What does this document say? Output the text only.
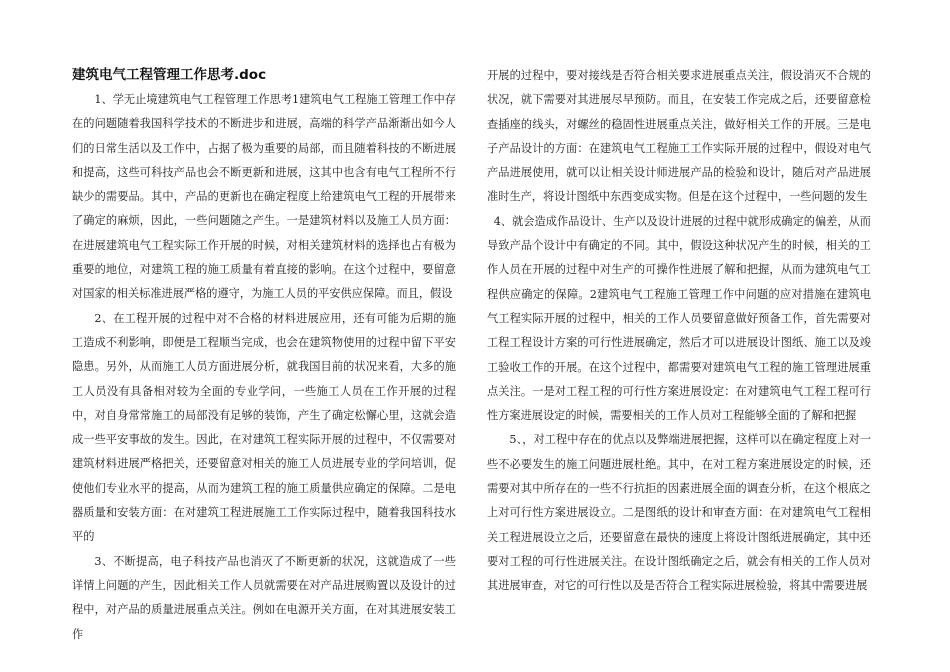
建筑电气工程管理工作思考.doc

1、学无止境建筑电气工程管理工作思考1建筑电气工程施工管理工作中存在的问题随着我国科学技术的不断进步和进展，高端的科学产品渐渐出如今人们的日常生活以及工作中，占据了极为重要的局部，而且随着科技的不断进展和提高，这些可科技产品也会不断更新和进展，这其中也含有电气工程所不行缺少的需要品。其中，产品的更新也在确定程度上给建筑电气工程的开展带来了确定的麻烦，因此，一些问题随之产生。一是建筑材料以及施工人员方面：在进展建筑电气工程实际工作开展的时候，对相关建筑材料的选择也占有极为重要的地位，对建筑工程的施工质量有着直接的影响。在这个过程中，要留意对国家的相关标准进展严格的遵守，为施工人员的平安供应保障。而且，假设

2、在工程开展的过程中对不合格的材料进展应用，还有可能为后期的施工造成不利影响，即便是工程顺当完成，也会在建筑物使用的过程中留下平安隐患。另外，从而施工人员方面进展分析，就我国目前的状况来看，大多的施工人员没有具备相对较为全面的专业学问，一些施工人员在工作开展的过程中，对自身常常施工的局部没有足够的装饰，产生了确定松懈心里，这就会造成一些平安事故的发生。因此，在对建筑工程实际开展的过程中，不仅需要对建筑材料进展严格把关，还要留意对相关的施工人员进展专业的学问培训，促使他们专业水平的提高，从而为建筑工程的施工质量供应确定的保障。二是电器质量和安装方面：在对建筑工程进展施工工作实际过程中，随着我国科技水平的

3、不断提高，电子科技产品也消灭了不断更新的状况，这就造成了一些详情上问题的产生，因此相关工作人员就需要在对产品进展购置以及设计的过程中，对产品的质量进展重点关注。例如在电源开关方面，在对其进展安装工作

开展的过程中，要对接线是否符合相关要求进展重点关注，假设消灭不合规的状况，就下需要对其进展尽早预防。而且，在安装工作完成之后，还要留意检查插座的线头，对螺丝的稳固性进展重点关注，做好相关工作的开展。三是电子产品设计的方面：在建筑电气工程施工工作实际开展的过程中，假设对电气产品进展使用，就可以让相关设计师进展产品的检验和设计，随后对产品进展准时生产，将设计图纸中东西变成实物。但是在这个过程中，一些问题的发生

4、就会造成作品设计、生产以及设计进展的过程中就形成确定的偏差，从而导致产品个设计中有确定的不同。其中，假设这种状况产生的时候，相关的工作人员在开展的过程中对生产的可操作性进展了解和把握，从而为建筑电气工程供应确定的保障。2建筑电气工程施工管理工作中问题的应对措施在建筑电气工程实际开展的过程中，相关的工作人员要留意做好预备工作，首先需要对工程工程设计方案的可行性进展确定，然后才可以进展设计图纸、施工以及竣工验收工作的开展。在这个过程中，都需要对建筑电气工程的施工管理进展重点关注。一是对工程工程的可行性方案进展设定：在对建筑电气工程工程可行性方案进展设定的时候，需要相关的工作人员对工程能够全面的了解和把握

5、，对工程中存在的优点以及弊端进展把握，这样可以在确定程度上对一些不必要发生的施工问题进展杜绝。其中，在对工程方案进展设定的时候，还需要对其中所存在的一些不行抗拒的因素进展全面的调查分析，在这个根底之上对可行性方案进展设立。二是图纸的设计和审查方面：在对建筑电气工程相关工程进展设立之后，还要留意在最快的速度上将设计图纸进展确定，其中还要对工程的可行性进展关注。在设计图纸确定之后，就会有相关的工作人员对其进展审查，对它的可行性以及是否符合工程实际进展检验，将其中需要进展
